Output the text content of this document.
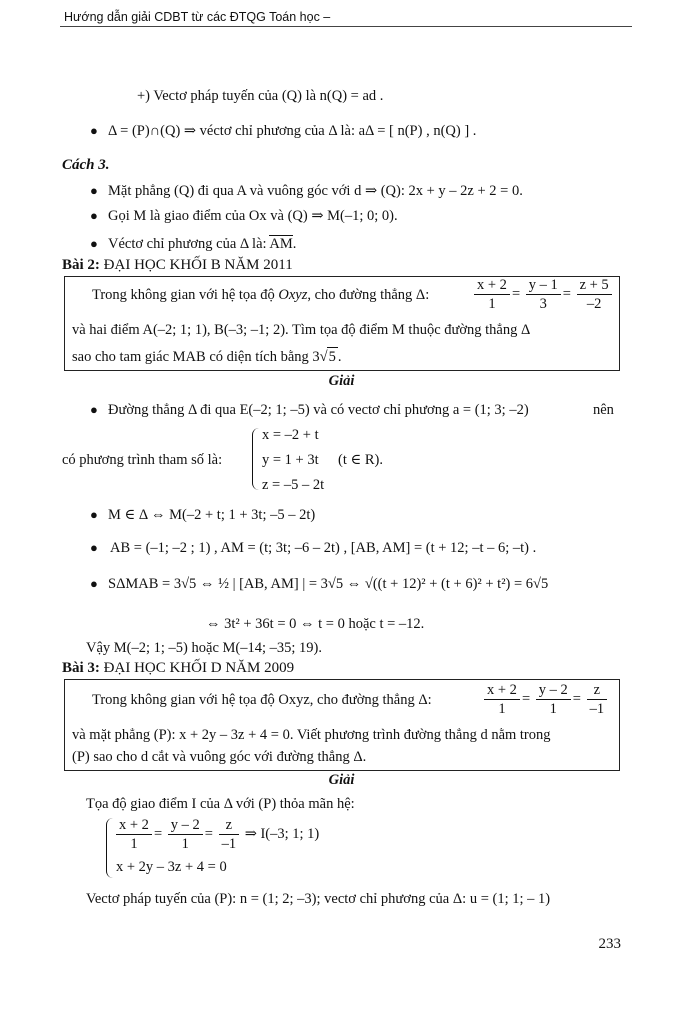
Hướng dẫn giải CDBT từ các ĐTQG Toán học –
+) Vectơ pháp tuyến của (Q) là n(Q) = ad .
● Δ = (P)∩(Q) ⇒ véctơ chỉ phương của Δ là: aΔ = [ n(P) , n(Q) ] .
Cách 3.
● Mặt phẳng (Q) đi qua A và vuông góc với d ⇒ (Q): 2x + y – 2z + 2 = 0.
● Gọi M là giao điểm của Ox và (Q) ⇒ M(–1; 0; 0).
● Véctơ chỉ phương của Δ là: AM.
Bài 2: ĐẠI HỌC KHỐI B NĂM 2011
Trong không gian với hệ tọa độ Oxyz, cho đường thẳng Δ:	$\frac{x + 2}{1} = \frac{y - 1}{3} = \frac{z + 5}{-2}$
và hai điểm A(–2; 1; 1), B(–3; –1; 2). Tìm tọa độ điểm M thuộc đường thẳng Δ
sao cho tam giác MAB có diện tích bằng 3√5 .
Giải
● Đường thẳng Δ đi qua E(–2; 1; –5) và có vectơ chỉ phương a = (1; 3; –2)	nên
có phương trình tham số là:
x = –2 + t
y = 1 + 3t
z = –5 – 2t
(t ∈ R).
● M ∈ Δ ⇔ M(–2 + t; 1 + 3t; –5 – 2t)
● AB = (–1; –2 ; 1) , AM = (t; 3t; –6 – 2t) , [AB, AM] = (t + 12; –t – 6; –t) .
● SΔMAB = 3√5 ⇔ ½ | [AB, AM] | = 3√5 ⇔ √((t + 12)² + (t + 6)² + t²) = 6√5
⇔ 3t² + 36t = 0 ⇔ t = 0 hoặc t = –12.
Vậy M(–2; 1; –5) hoặc M(–14; –35; 19).
Bài 3: ĐẠI HỌC KHỐI D NĂM 2009
Trong không gian với hệ tọa độ Oxyz, cho đường thẳng Δ:	$\frac{x + 2}{1} = \frac{y - 2}{1} = \frac{z}{-1}$
và mặt phẳng (P): x + 2y – 3z + 4 = 0. Viết phương trình đường thẳng d nằm trong
(P) sao cho d cắt và vuông góc với đường thẳng Δ.
Giải
Tọa độ giao điểm I của Δ với (P) thỏa mãn hệ:
$\frac{x + 2}{1} = \frac{y - 2}{1} = \frac{z}{-1}$ ⇒ I(–3; 1; 1)
x + 2y – 3z + 4 = 0
Vectơ pháp tuyến của (P): n = (1; 2; –3); vectơ chỉ phương của Δ: u = (1; 1; – 1)
233
